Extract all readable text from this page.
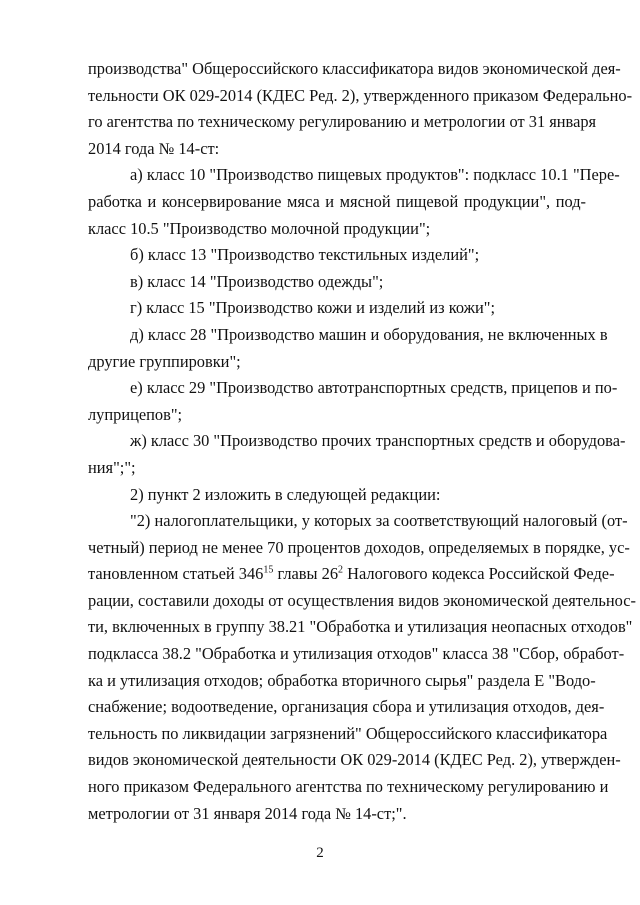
производства" Общероссийского классификатора видов экономической дея-
тельности ОК 029-2014 (КДЕС Ред. 2), утвержденного приказом Федерально-
го агентства по техническому регулированию и метрологии от 31 января
2014 года № 14-ст:
а) класс 10 "Производство пищевых продуктов": подкласс 10.1 "Пере-
работка и консервирование мяса и мясной пищевой продукции", под-
класс 10.5 "Производство молочной продукции";
б) класс 13 "Производство текстильных изделий";
в) класс 14 "Производство одежды";
г) класс 15 "Производство кожи и изделий из кожи";
д) класс 28 "Производство машин и оборудования, не включенных в
другие группировки";
е) класс 29 "Производство автотранспортных средств, прицепов и по-
луприцепов";
ж) класс 30 "Производство прочих транспортных средств и оборудова-
ния";";
2) пункт 2 изложить в следующей редакции:
"2) налогоплательщики, у которых за соответствующий налоговый (от-
четный) период не менее 70 процентов доходов, определяемых в порядке, ус-
тановленном статьей $346^{15}$ главы $26^2$ Налогового кодекса Российской Феде-
рации, составили доходы от осуществления видов экономической деятельнос-
ти, включенных в группу 38.21 "Обработка и утилизация неопасных отходов"
подкласса 38.2 "Обработка и утилизация отходов" класса 38 "Сбор, обработ-
ка и утилизация отходов; обработка вторичного сырья" раздела Е "Водо-
снабжение; водоотведение, организация сбора и утилизация отходов, дея-
тельность по ликвидации загрязнений" Общероссийского классификатора
видов экономической деятельности ОК 029-2014 (КДЕС Ред. 2), утвержден-
ного приказом Федерального агентства по техническому регулированию и
метрологии от 31 января 2014 года № 14-ст;".
2
